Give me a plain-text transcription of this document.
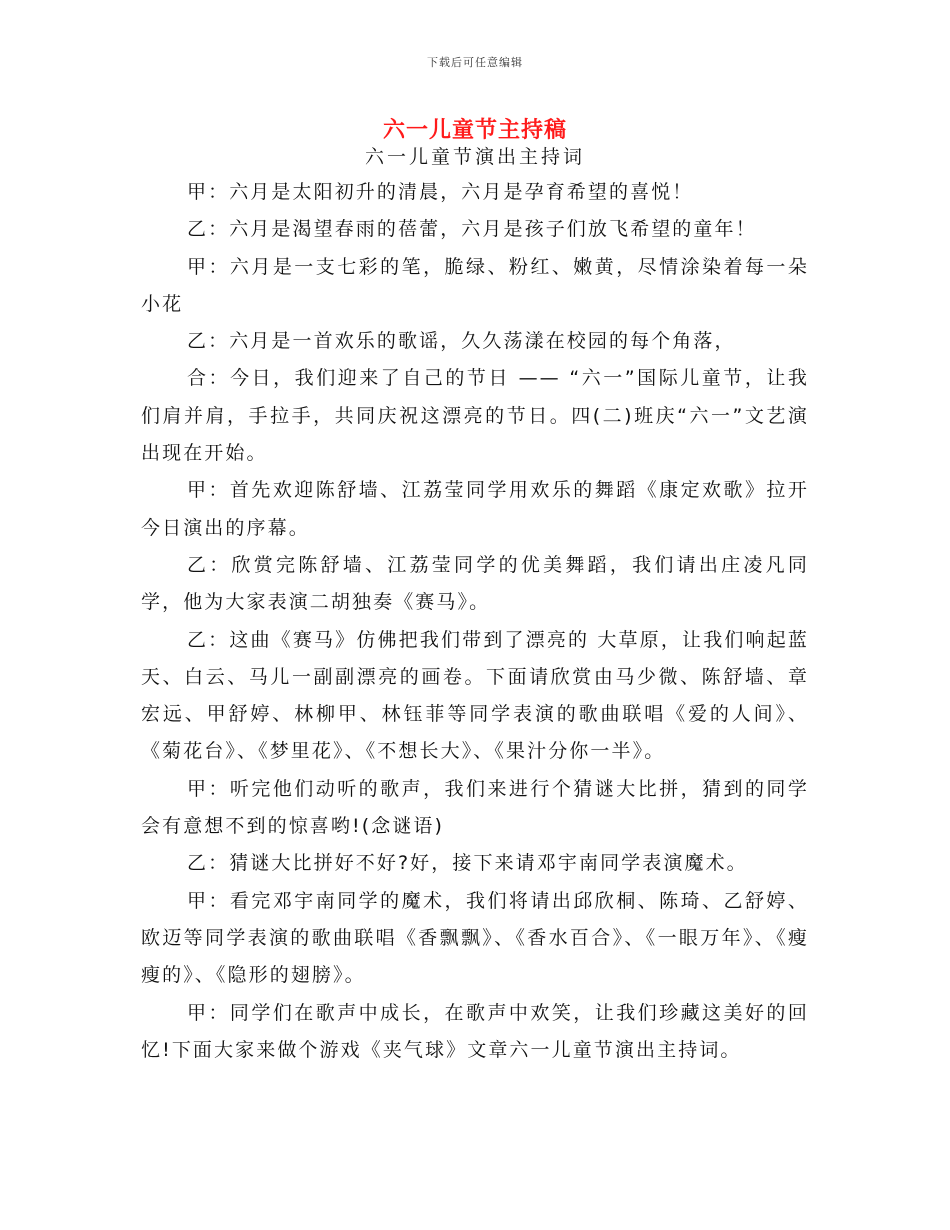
下载后可任意编辑
六一儿童节主持稿
六一儿童节演出主持词

甲：六月是太阳初升的清晨，六月是孕育希望的喜悦！

乙：六月是渴望春雨的蓓蕾，六月是孩子们放飞希望的童年！

甲：六月是一支七彩的笔，脆绿、粉红、嫩黄，尽情涂染着每一朵小花

乙：六月是一首欢乐的歌谣，久久荡漾在校园的每个角落，

合：今日，我们迎来了自己的节日 —— “六一”国际儿童节，让我们肩并肩，手拉手，共同庆祝这漂亮的节日。四(二)班庆“六一”文艺演出现在开始。

甲：首先欢迎陈舒墙、江荔莹同学用欢乐的舞蹈《康定欢歌》拉开今日演出的序幕。

乙：欣赏完陈舒墙、江荔莹同学的优美舞蹈，我们请出庄凌凡同学，他为大家表演二胡独奏《赛马》。

乙：这曲《赛马》仿佛把我们带到了漂亮的 大草原，让我们响起蓝天、白云、马儿一副副漂亮的画卷。下面请欣赏由马少微、陈舒墙、章宏远、甲舒婷、林柳甲、林钰菲等同学表演的歌曲联唱《爱的人间》、《菊花台》、《梦里花》、《不想长大》、《果汁分你一半》。

甲：听完他们动听的歌声，我们来进行个猜谜大比拼，猜到的同学会有意想不到的惊喜哟!(念谜语)

乙：猜谜大比拼好不好?好，接下来请邓宇南同学表演魔术。

甲：看完邓宇南同学的魔术，我们将请出邱欣桐、陈琦、乙舒婷、欧迈等同学表演的歌曲联唱《香飘飘》、《香水百合》、《一眼万年》、《瘦瘦的》、《隐形的翅膀》。

甲：同学们在歌声中成长，在歌声中欢笑，让我们珍藏这美好的回忆!下面大家来做个游戏《夹气球》文章六一儿童节演出主持词。
